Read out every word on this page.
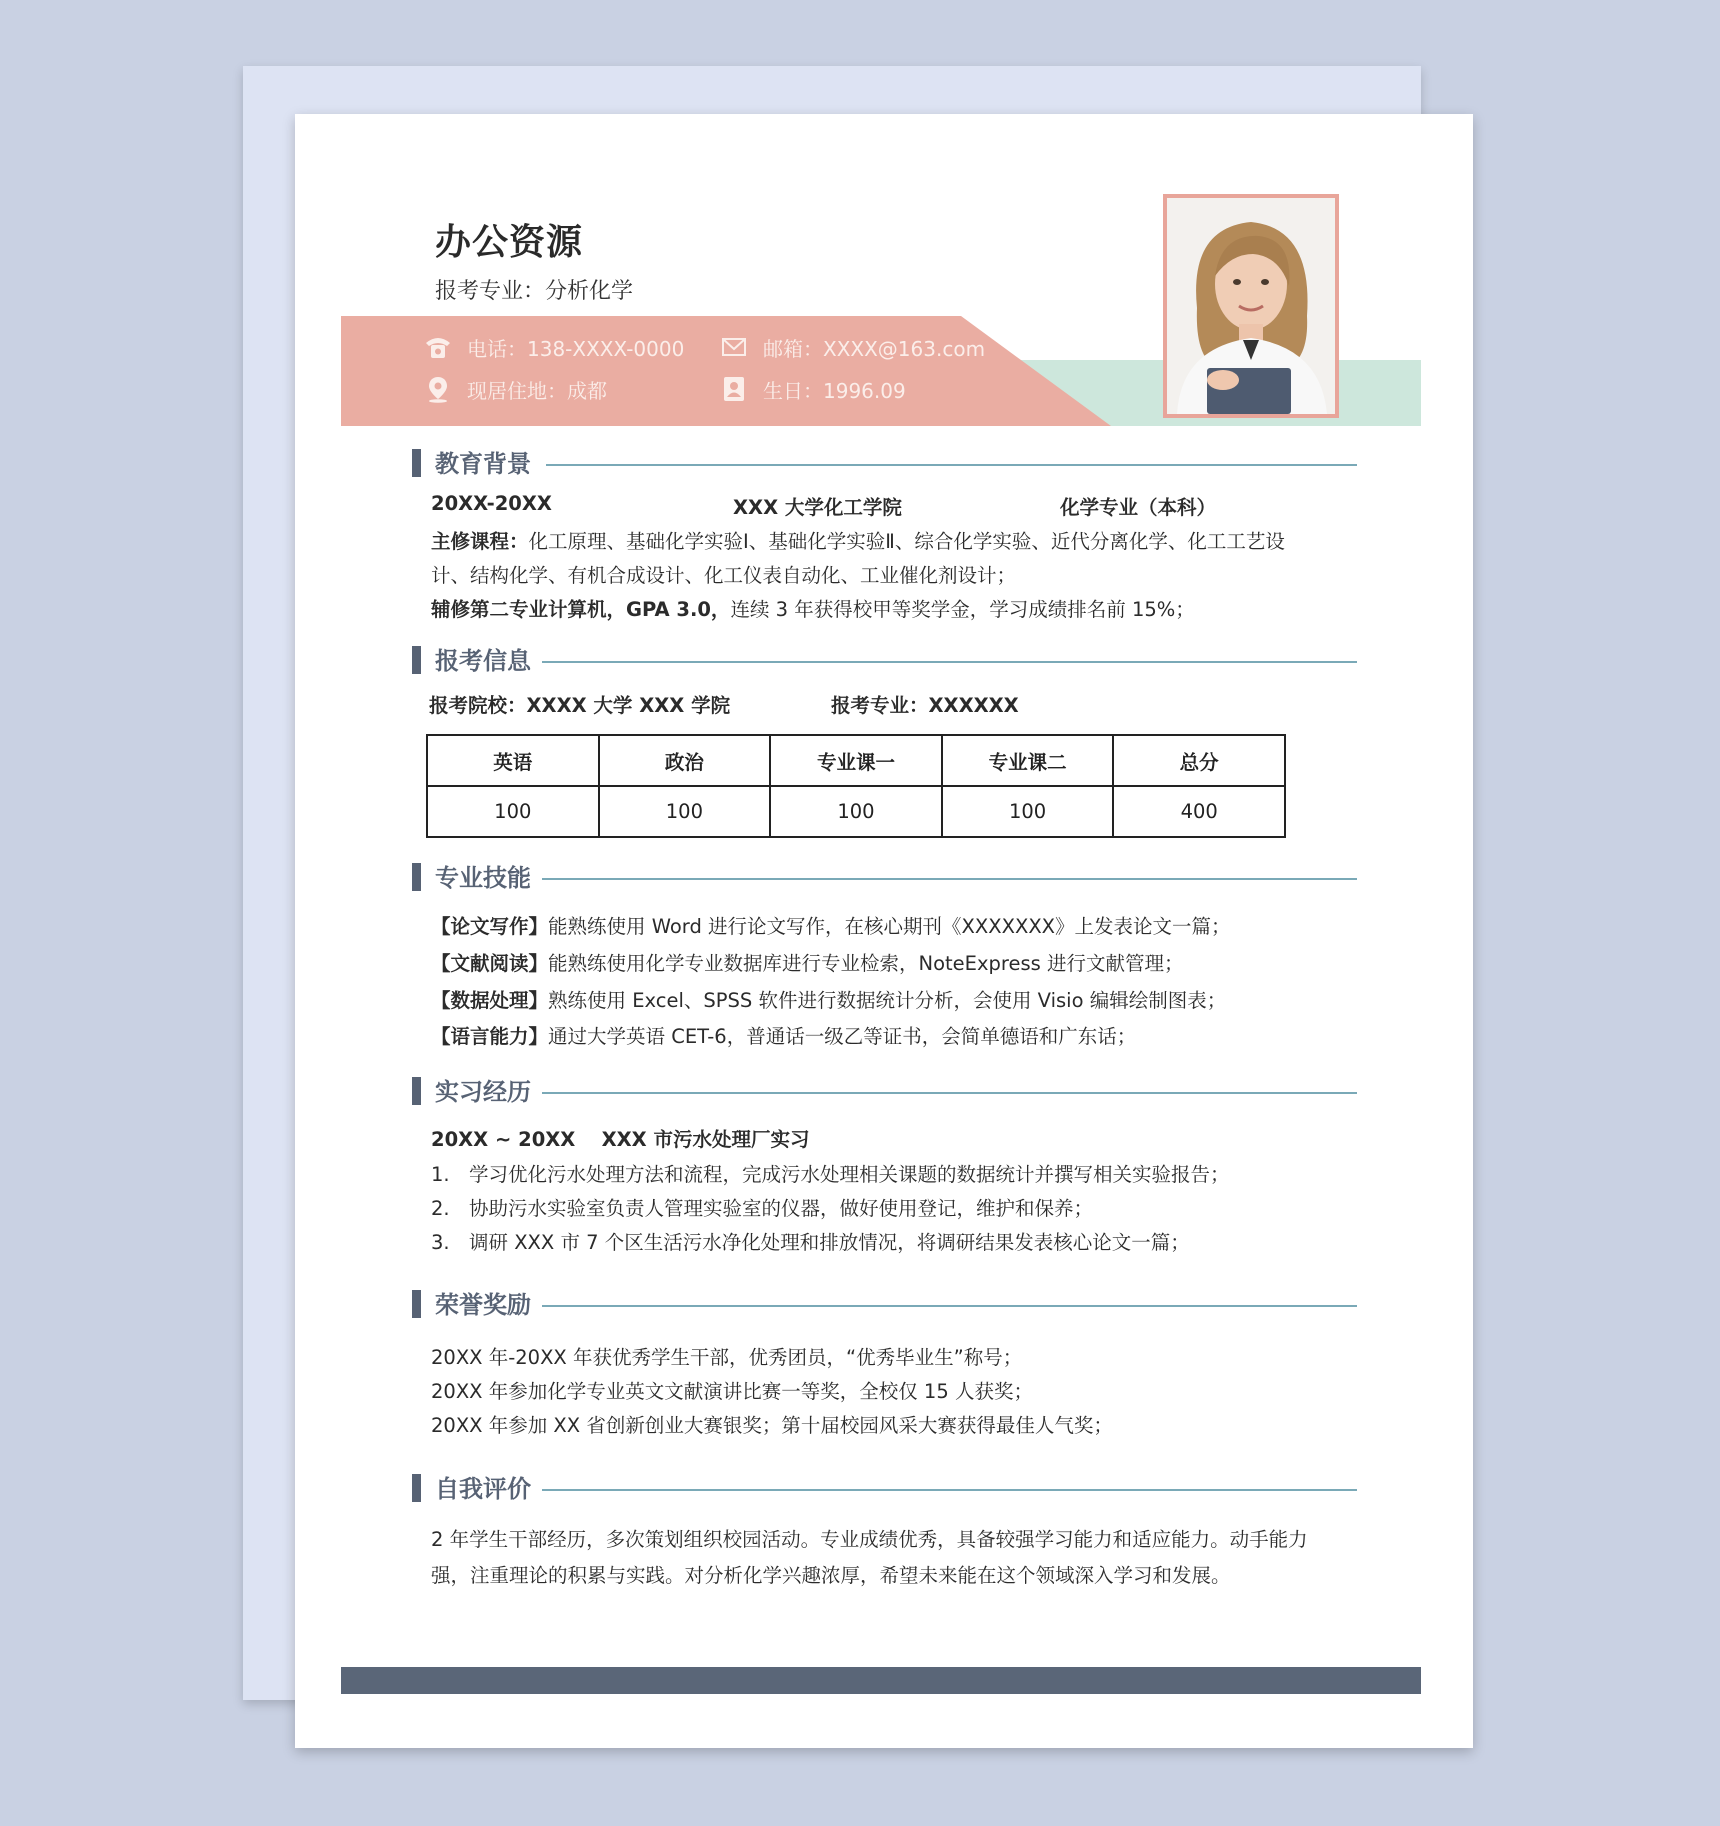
办公资源
报考专业：分析化学
电话：138-XXXX-0000	邮箱：XXXX@163.com
现居住地：成都	生日：1996.09
教育背景
20XX-20XX	XXX 大学化工学院	化学专业（本科）
主修课程：化工原理、基础化学实验Ⅰ、基础化学实验Ⅱ、综合化学实验、近代分离化学、化工工艺设
计、结构化学、有机合成设计、化工仪表自动化、工业催化剂设计；
辅修第二专业计算机，GPA 3.0，连续 3 年获得校甲等奖学金，学习成绩排名前 15%；
报考信息
报考院校：XXXX 大学 XXX 学院	报考专业：XXXXXX
英语	政治	专业课一	专业课二	总分
100	100	100	100	400
专业技能
【论文写作】能熟练使用 Word 进行论文写作，在核心期刊《XXXXXXX》上发表论文一篇；
【文献阅读】能熟练使用化学专业数据库进行专业检索，NoteExpress 进行文献管理；
【数据处理】熟练使用 Excel、SPSS 软件进行数据统计分析，会使用 Visio 编辑绘制图表；
【语言能力】通过大学英语 CET-6，普通话一级乙等证书，会简单德语和广东话；
实习经历
20XX ~ 20XX　 XXX 市污水处理厂实习
1. 学习优化污水处理方法和流程，完成污水处理相关课题的数据统计并撰写相关实验报告；
2. 协助污水实验室负责人管理实验室的仪器，做好使用登记，维护和保养；
3. 调研 XXX 市 7 个区生活污水净化处理和排放情况，将调研结果发表核心论文一篇；
荣誉奖励
20XX 年-20XX 年获优秀学生干部，优秀团员，“优秀毕业生”称号；
20XX 年参加化学专业英文文献演讲比赛一等奖，全校仅 15 人获奖；
20XX 年参加 XX 省创新创业大赛银奖；第十届校园风采大赛获得最佳人气奖；
自我评价
2 年学生干部经历，多次策划组织校园活动。专业成绩优秀，具备较强学习能力和适应能力。动手能力
强，注重理论的积累与实践。对分析化学兴趣浓厚，希望未来能在这个领域深入学习和发展。
